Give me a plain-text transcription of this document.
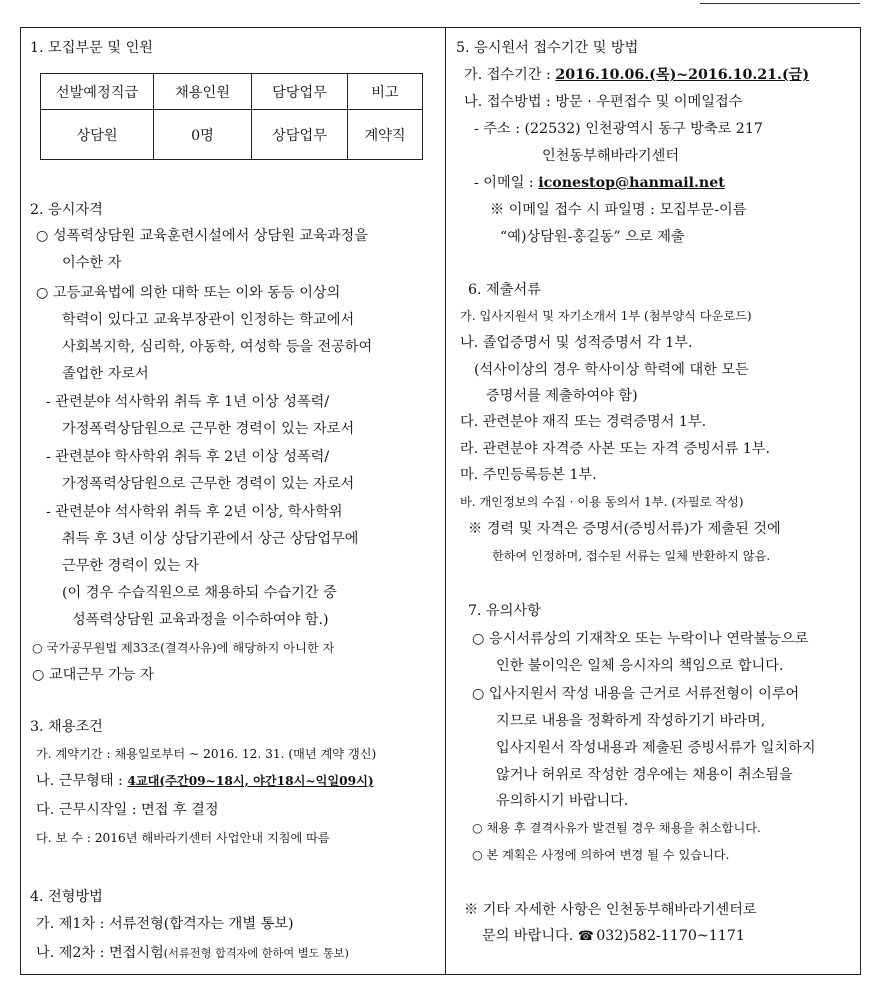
1. 모집부문 및 인원
선발예정직급	채용인원	담당업무	비고
상담원	0명	상담업무	계약직
2. 응시자격
○ 성폭력상담원 교육훈련시설에서 상담원 교육과정을
이수한 자
○ 고등교육법에 의한 대학 또는 이와 동등 이상의
학력이 있다고 교육부장관이 인정하는 학교에서
사회복지학, 심리학, 아동학, 여성학 등을 전공하여
졸업한 자로서
- 관련분야 석사학위 취득 후 1년 이상 성폭력/
가정폭력상담원으로 근무한 경력이 있는 자로서
- 관련분야 학사학위 취득 후 2년 이상 성폭력/
가정폭력상담원으로 근무한 경력이 있는 자로서
- 관련분야 석사학위 취득 후 2년 이상, 학사학위
취득 후 3년 이상 상담기관에서 상근 상담업무에
근무한 경력이 있는 자
(이 경우 수습직원으로 채용하되 수습기간 중
성폭력상담원 교육과정을 이수하여야 함.)
○ 국가공무원법 제33조(결격사유)에 해당하지 아니한 자
○ 교대근무 가능 자
3. 채용조건
가. 계약기간 : 채용일로부터 ~ 2016. 12. 31. (매년 계약 갱신)
나. 근무형태 : 4교대(주간09~18시, 야간18시~익일09시)
다. 근무시작일 : 면접 후 결정
다. 보 수 : 2016년 해바라기센터 사업안내 지침에 따름
4. 전형방법
가. 제1차 : 서류전형(합격자는 개별 통보)
나. 제2차 : 면접시험(서류전형 합격자에 한하여 별도 통보)
5. 응시원서 접수기간 및 방법
가. 접수기간 : 2016.10.06.(목)~2016.10.21.(금)
나. 접수방법 : 방문 · 우편접수 및 이메일접수
- 주소 : (22532) 인천광역시 동구 방축로 217
인천동부해바라기센터
- 이메일 : iconestop@hanmail.net
※ 이메일 접수 시 파일명 : 모집부문-이름
“예)상담원-홍길동” 으로 제출
6. 제출서류
가. 입사지원서 및 자기소개서 1부 (첨부양식 다운로드)
나. 졸업증명서 및 성적증명서 각 1부.
(석사이상의 경우 학사이상 학력에 대한 모든
증명서를 제출하여야 함)
다. 관련분야 재직 또는 경력증명서 1부.
라. 관련분야 자격증 사본 또는 자격 증빙서류 1부.
마. 주민등록등본 1부.
바. 개인정보의 수집 · 이용 동의서 1부. (자필로 작성)
※ 경력 및 자격은 증명서(증빙서류)가 제출된 것에
한하여 인정하며, 접수된 서류는 일체 반환하지 않음.
7. 유의사항
○ 응시서류상의 기재착오 또는 누락이나 연락불능으로
인한 불이익은 일체 응시자의 책임으로 합니다.
○ 입사지원서 작성 내용을 근거로 서류전형이 이루어
지므로 내용을 정확하게 작성하기기 바라며,
입사지원서 작성내용과 제출된 증빙서류가 일치하지
않거나 허위로 작성한 경우에는 채용이 취소됨을
유의하시기 바랍니다.
○ 채용 후 결격사유가 발견될 경우 채용을 취소합니다.
○ 본 계획은 사정에 의하여 변경 될 수 있습니다.
※ 기타 자세한 사항은 인천동부해바라기센터로
문의 바랍니다. ☎ 032)582-1170~1171
